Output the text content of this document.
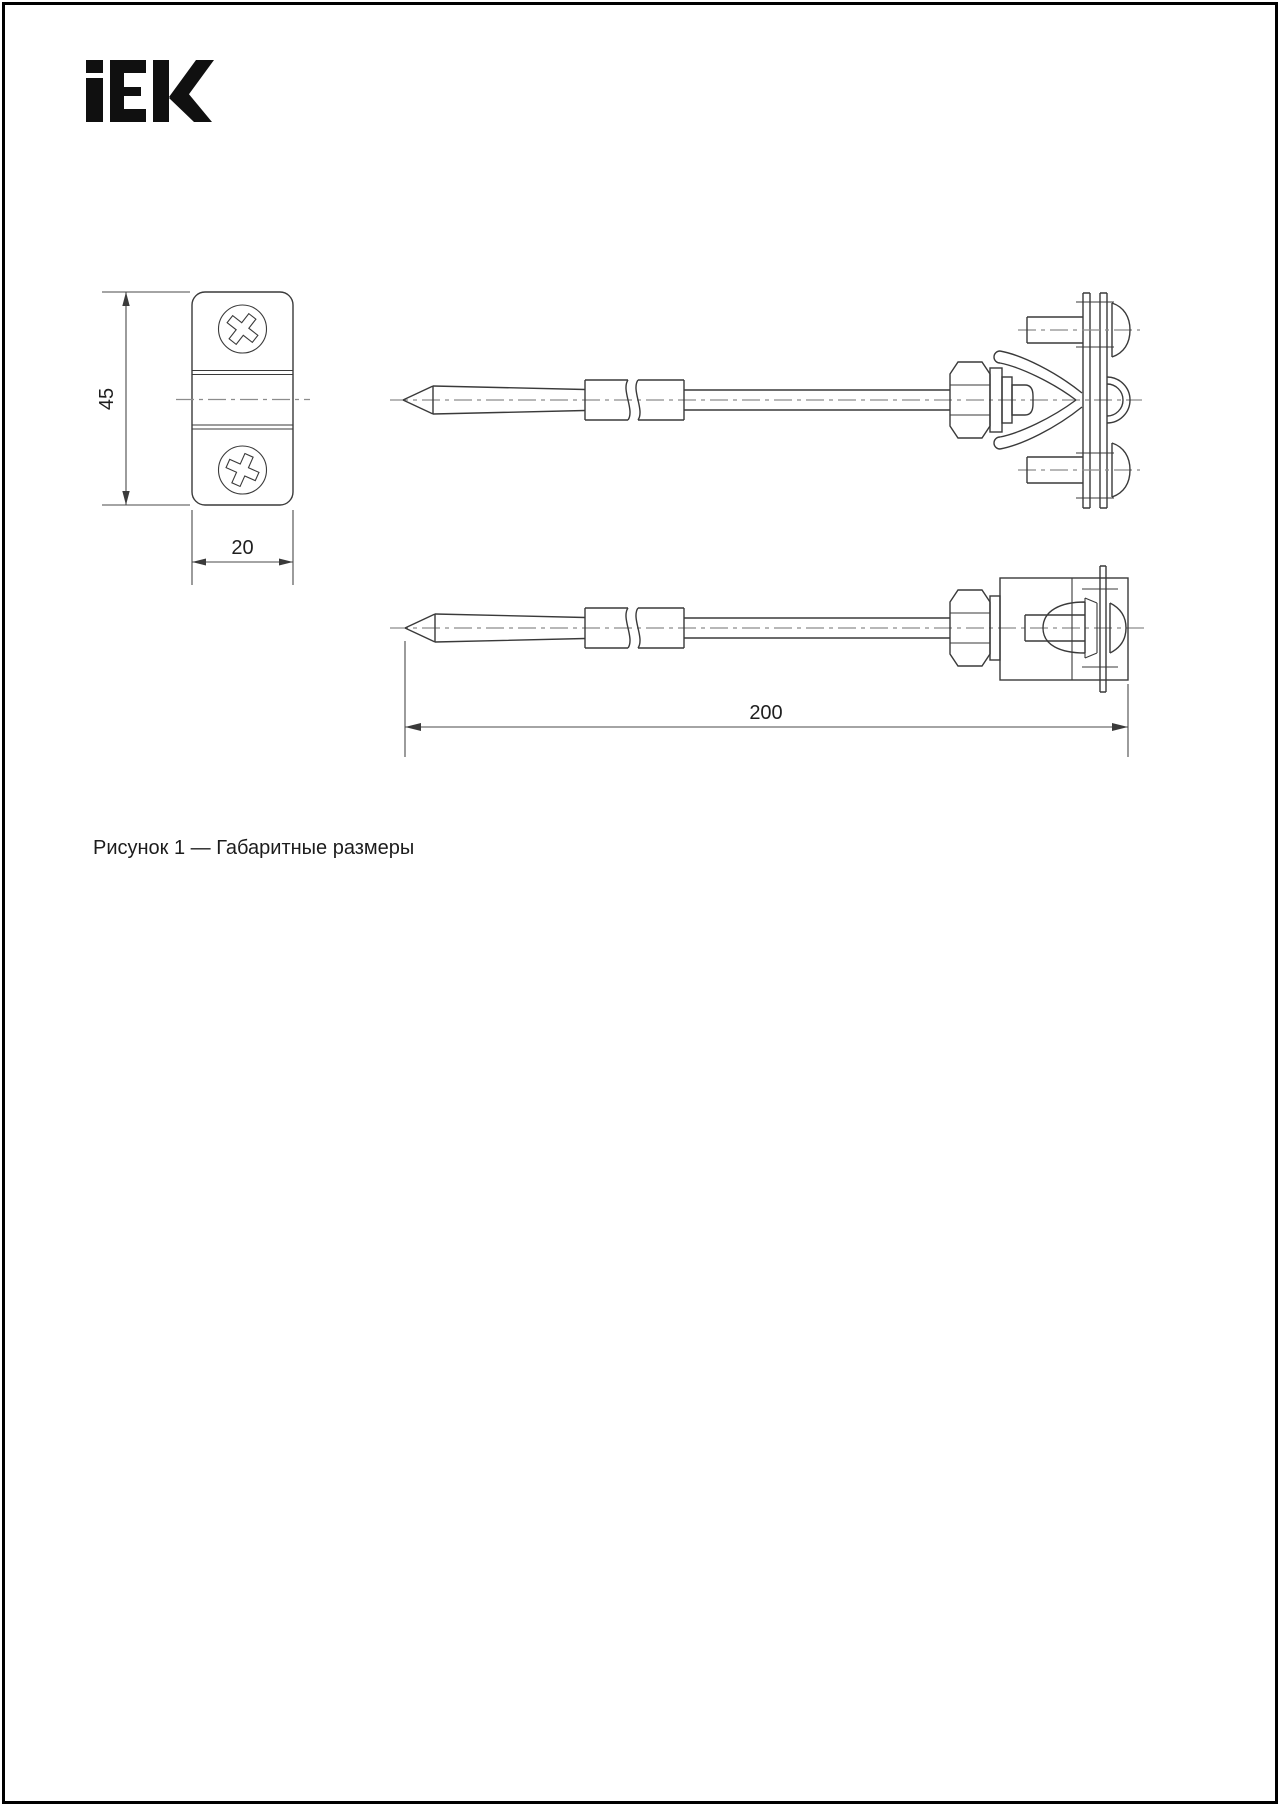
45
20
200
Рисунок 1 — Габаритные размеры
